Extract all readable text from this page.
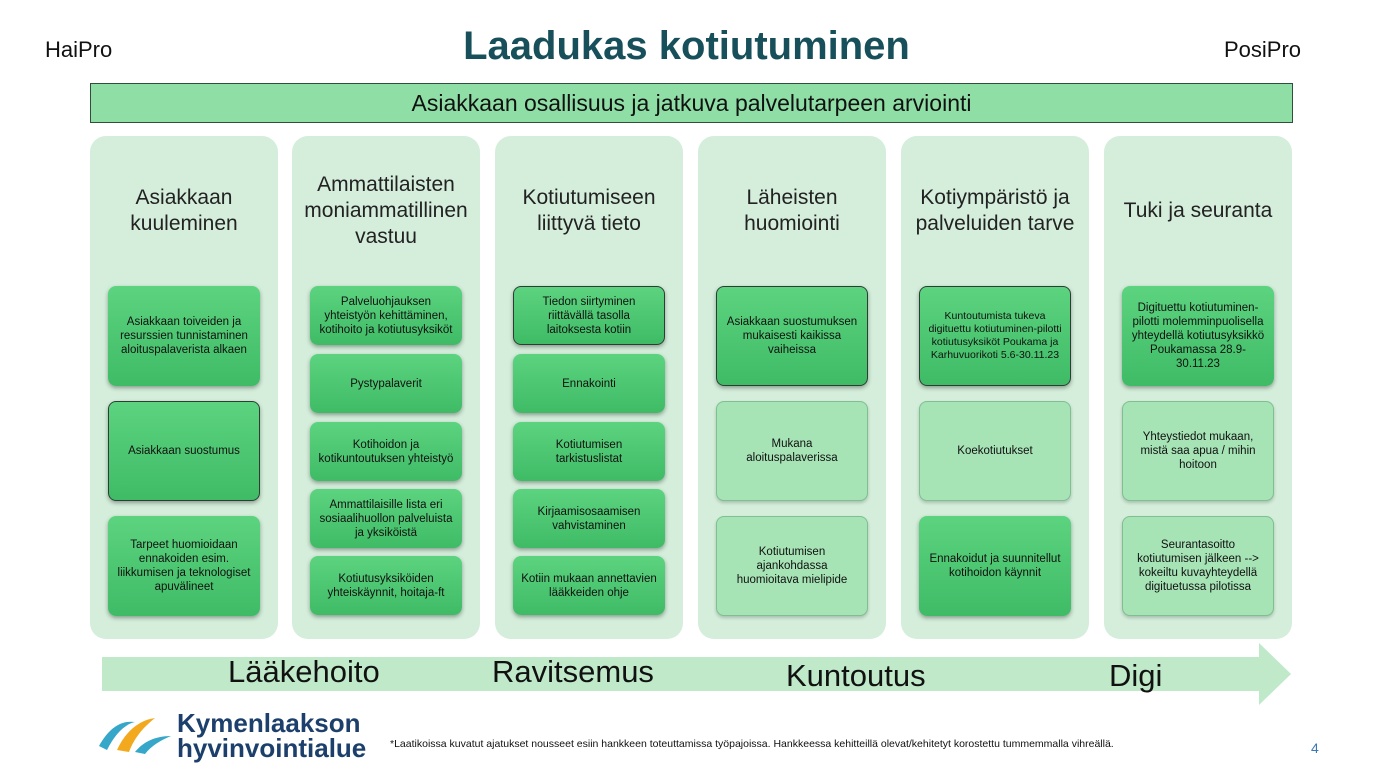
HaiPro	Laadukas kotiutuminen	PosiPro
Asiakkaan osallisuus ja jatkuva palvelutarpeen arviointi
Asiakkaan
kuuleminen
Asiakkaan toiveiden ja resurssien tunnistaminen aloituspalaverista alkaen
Asiakkaan suostumus
Tarpeet huomioidaan ennakoiden esim. liikkumisen ja teknologiset apuvälineet
Ammattilaisten
moniammatillinen
vastuu
Palveluohjauksen yhteistyön kehittäminen, kotihoito ja kotiutusyksiköt
Pystypalaverit
Kotihoidon ja kotikuntoutuksen yhteistyö
Ammattilaisille lista eri sosiaalihuollon palveluista ja yksiköistä
Kotiutusyksiköiden yhteiskäynnit, hoitaja-ft
Kotiutumiseen
liittyvä tieto
Tiedon siirtyminen riittävällä tasolla laitoksesta kotiin
Ennakointi
Kotiutumisen tarkistuslistat
Kirjaamisosaamisen vahvistaminen
Kotiin mukaan annettavien lääkkeiden ohje
Läheisten
huomiointi
Asiakkaan suostumuksen mukaisesti kaikissa vaiheissa
Mukana aloituspalaverissa
Kotiutumisen ajankohdassa huomioitava mielipide
Kotiympäristö ja
palveluiden tarve
Kuntoutumista tukeva digituettu kotiutuminen-pilotti kotiutusyksiköt Poukama ja Karhuvuorikoti 5.6-30.11.23
Koekotiutukset
Ennakoidut ja suunnitellut kotihoidon käynnit
Tuki ja seuranta
Digituettu kotiutuminen-pilotti molemminpuolisella yhteydellä kotiutusyksikkö Poukamassa 28.9-30.11.23
Yhteystiedot mukaan, mistä saa apua / mihin hoitoon
Seurantasoitto kotiutumisen jälkeen --> kokeiltu kuvayhteydellä digituetussa pilotissa
Lääkehoito	Ravitsemus	Kuntoutus	Digi
Kymenlaakson
hyvinvointialue *Laatikoissa kuvatut ajatukset nousseet esiin hankkeen toteuttamissa työpajoissa. Hankkeessa kehitteillä olevat/kehitetyt korostettu tummemmalla vihreällä.	4
